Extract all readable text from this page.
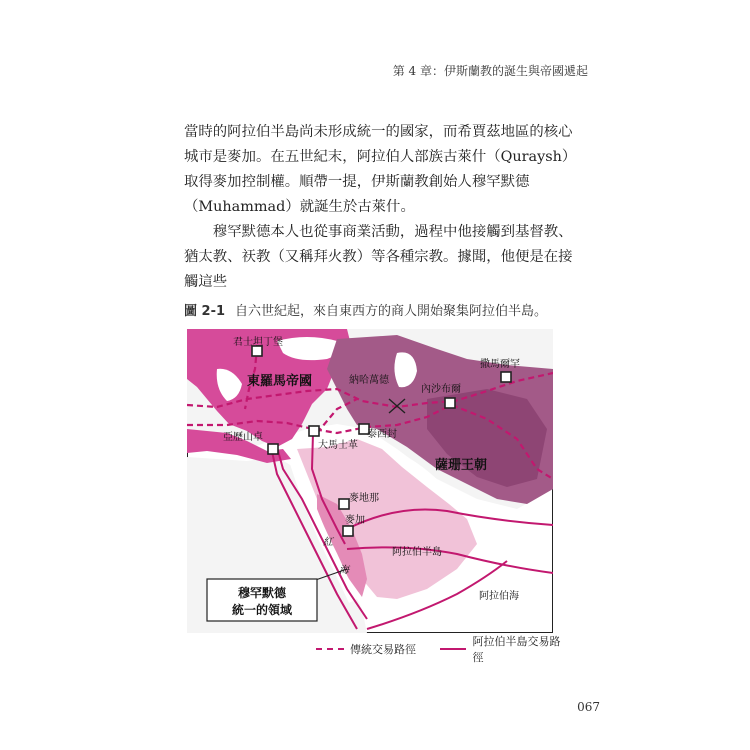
第 4 章：伊斯蘭教的誕生與帝國遞起

當時的阿拉伯半島尚未形成統一的國家，而希賈茲地區的核心城市是麥加。在五世紀末，阿拉伯人部族古萊什（Quraysh）取得麥加控制權。順帶一提，伊斯蘭教創始人穆罕默德（Muhammad）就誕生於古萊什。

穆罕默德本人也從事商業活動，過程中他接觸到基督教、猶太教、祆教（又稱拜火教）等各種宗教。據聞，他便是在接觸這些

圖 2-1 自六世紀起，來自東西方的商人開始聚集阿拉伯半島。
穆罕默德
統一的領域
君士坦丁堡
東羅馬帝國	納哈萬德
撒馬爾罕
內沙布爾
亞歷山卓
大馬士革
泰西封
薩珊王朝
麥地那
麥加
紅
海
阿拉伯半島
阿拉伯海
傳統交易路徑
阿拉伯半島交易路徑
067
